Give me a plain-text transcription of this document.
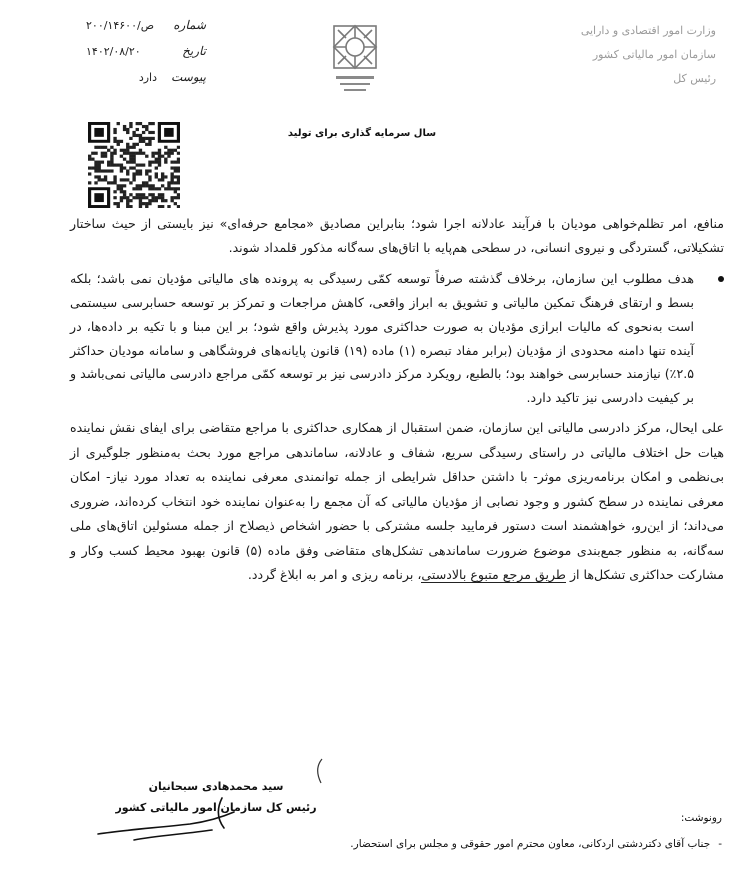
شماره
۲۰۰/۱۴۶۰۰/ص
تاریخ
۱۴۰۲/۰۸/۲۰
پیوست
دارد
وزارت امور اقتصادی و دارایی
سازمان امور مالیاتی کشور
رئیس کل
سال سرمایه گذاری برای تولید

منافع، امر تظلم‌خواهی مودیان با فرآیند عادلانه اجرا شود؛ بنابراین مصادیق «مجامع حرفه‌ای» نیز بایستی از حیث ساختار تشکیلاتی، گستردگی و نیروی انسانی، در سطحی هم‌پایه با اتاق‌های سه‌گانه مذکور قلمداد شوند.

هدف مطلوب این سازمان، برخلاف گذشته صرفاً توسعه کمّی رسیدگی به پرونده های مالیاتی مؤدیان نمی باشد؛ بلکه بسط و ارتقای فرهنگ تمکین مالیاتی و تشویق به ابراز واقعی، کاهش مراجعات و تمرکز بر توسعه حسابرسی سیستمی است به‌نحوی که مالیات ابرازی مؤدیان به صورت حداکثری مورد پذیرش واقع شود؛ بر این مبنا و با تکیه بر داده‌ها، در آینده تنها دامنه محدودی از مؤدیان (برابر مفاد تبصره (۱) ماده (۱۹) قانون پایانه‌های فروشگاهی و سامانه مودیان حداکثر ۲.۵٪) نیازمند حسابرسی خواهند بود؛ بالطبع، رویکرد مرکز دادرسی نیز بر توسعه کمّی مراجع دادرسی مالیاتی نمی‌باشد و بر کیفیت دادرسی نیز تاکید دارد.

علی ایحال، مرکز دادرسی مالیاتی این سازمان، ضمن استقبال از همکاری حداکثری با مراجع متقاضی برای ایفای نقش نماینده هیات حل اختلاف مالیاتی در راستای رسیدگی سریع، شفاف و عادلانه، ساماندهی مراجع مورد بحث به‌منظور جلوگیری از بی‌نظمی و امکان برنامه‌ریزی موثر- با داشتن حداقل شرایطی از جمله توانمندی معرفی نماینده به تعداد مورد نیاز- امکان معرفی نماینده در سطح کشور و وجود نصابی از مؤدیان مالیاتی که آن مجمع را به‌عنوان نماینده خود انتخاب کرده‌اند، ضروری می‌داند؛ از این‌رو، خواهشمند است دستور فرمایید جلسه مشترکی با حضور اشخاص ذیصلاح از جمله مسئولین اتاق‌های ملی سه‌گانه، به منظور جمع‌بندی موضوع ضرورت ساماندهی تشکل‌های متقاضی وفق ماده (۵) قانون بهبود محیط کسب وکار و مشارکت حداکثری تشکل‌ها از طریق مرجع متبوع بالادستی، برنامه ریزی و امر به ابلاغ گردد.

سید محمدهادی سبحانیان
رئیس کل سازمان امور مالیاتی کشور
رونوشت:
-جناب آقای دکتردشتی اردکانی، معاون محترم امور حقوقی و مجلس برای استحضار.
